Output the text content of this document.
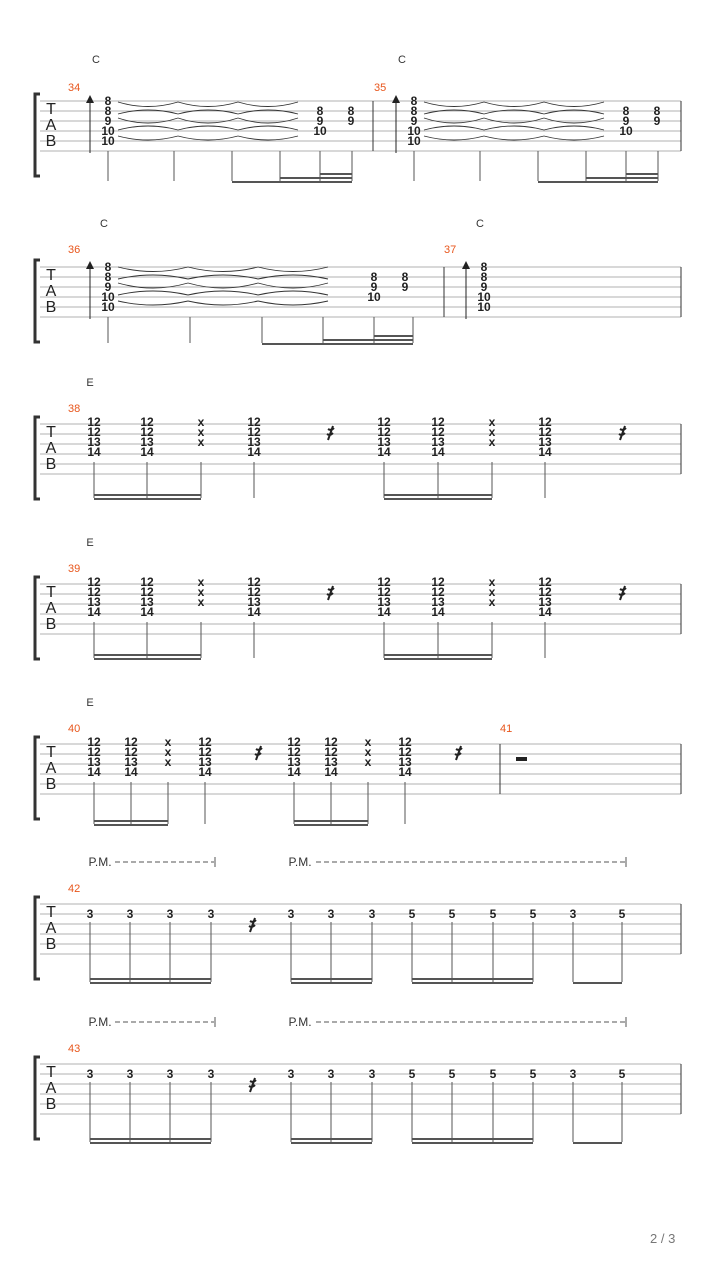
T
A
B
C
34
8
8
9
10
10
8
9
10
8
9
C
35
8
8
9
10
10
8
9
10
8
9
T
A
B
C
36
8
8
9
10
10
8
9
10
8
9
C
37
8
8
9
10
10
T
A
B
E
38
12
12
13
14
12
12
13
14
x
x
x
12
12
13
14
12
12
13
14
12
12
13
14
x
x
x
12
12
13
14
T
A
B
E
39
12
12
13
14
12
12
13
14
x
x
x
12
12
13
14
12
12
13
14
12
12
13
14
x
x
x
12
12
13
14
T
A
B
E
40
12
12
13
14
12
12
13
14
x
x
x
12
12
13
14
12
12
13
14
12
12
13
14
x
x
x
12
12
13
14
41
T
A
B
42
P.M.	P.M.
3	3	3	3	3	3	3	5	5	5	5	3	5
T
A
B
43
P.M.	P.M.
3	3	3	3	3	3	3	5	5	5	5	3	5
2 / 3
